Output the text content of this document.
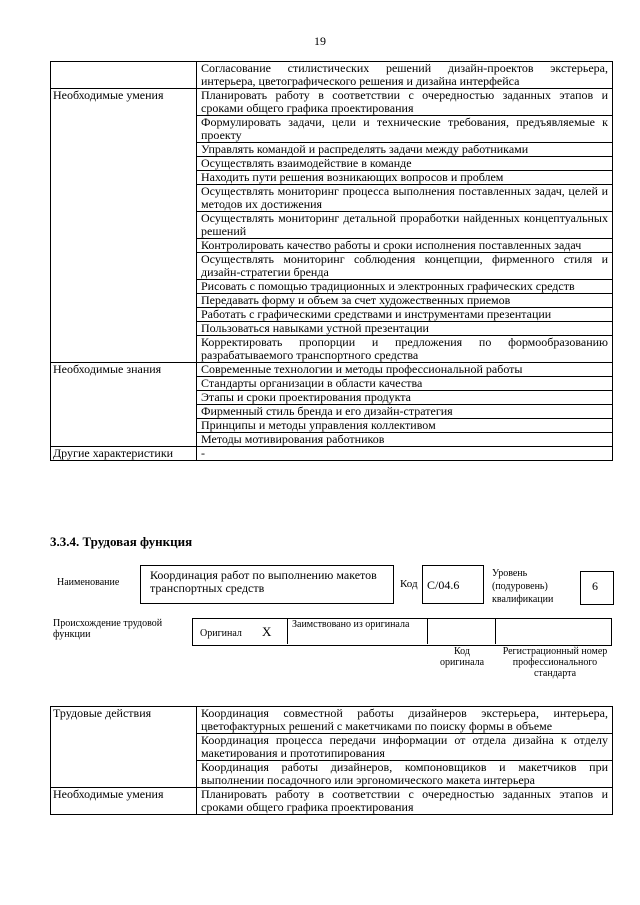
19
	Согласование стилистических решений дизайн-проектов экстерьера, интерьера, цветографического решения и дизайна интерфейса
Необходимые умения	Планировать работу в соответствии с очередностью заданных этапов и сроками общего графика проектирования
	Формулировать задачи, цели и технические требования, предъявляемые к проекту
	Управлять командой и распределять задачи между работниками
	Осуществлять взаимодействие в команде
	Находить пути решения возникающих вопросов и проблем
	Осуществлять мониторинг процесса выполнения поставленных задач, целей и методов их достижения
	Осуществлять мониторинг детальной проработки найденных концептуальных решений
	Контролировать качество работы и сроки исполнения поставленных задач
	Осуществлять мониторинг соблюдения концепции, фирменного стиля и дизайн-стратегии бренда
	Рисовать с помощью традиционных и электронных графических средств
	Передавать форму и объем за счет художественных приемов
	Работать с графическими средствами и инструментами презентации
	Пользоваться навыками устной презентации
	Корректировать пропорции и предложения по формообразованию разрабатываемого транспортного средства
Необходимые знания	Современные технологии и методы профессиональной работы
	Стандарты организации в области качества
	Этапы и сроки проектирования продукта
	Фирменный стиль бренда и его дизайн-стратегия
	Принципы и методы управления коллективом
	Методы мотивирования работников
Другие характеристики	-
3.3.4. Трудовая функция
Наименование
Координация работ по выполнению макетов транспортных средств	Код C/04.6
Уровень (подуровень) квалификации
6
Происхождение трудовой функции	Оригинал X Заимствовано из оригинала
Код оригинала
Регистрационный номер профессионального стандарта
Трудовые действия	Координация совместной работы дизайнеров экстерьера, интерьера, цветофактурных решений с макетчиками по поиску формы в объеме
	Координация процесса передачи информации от отдела дизайна к отделу макетирования и прототипирования
	Координация работы дизайнеров, компоновщиков и макетчиков при выполнении посадочного или эргономического макета интерьера
Необходимые умения	Планировать работу в соответствии с очередностью заданных этапов и сроками общего графика проектирования
